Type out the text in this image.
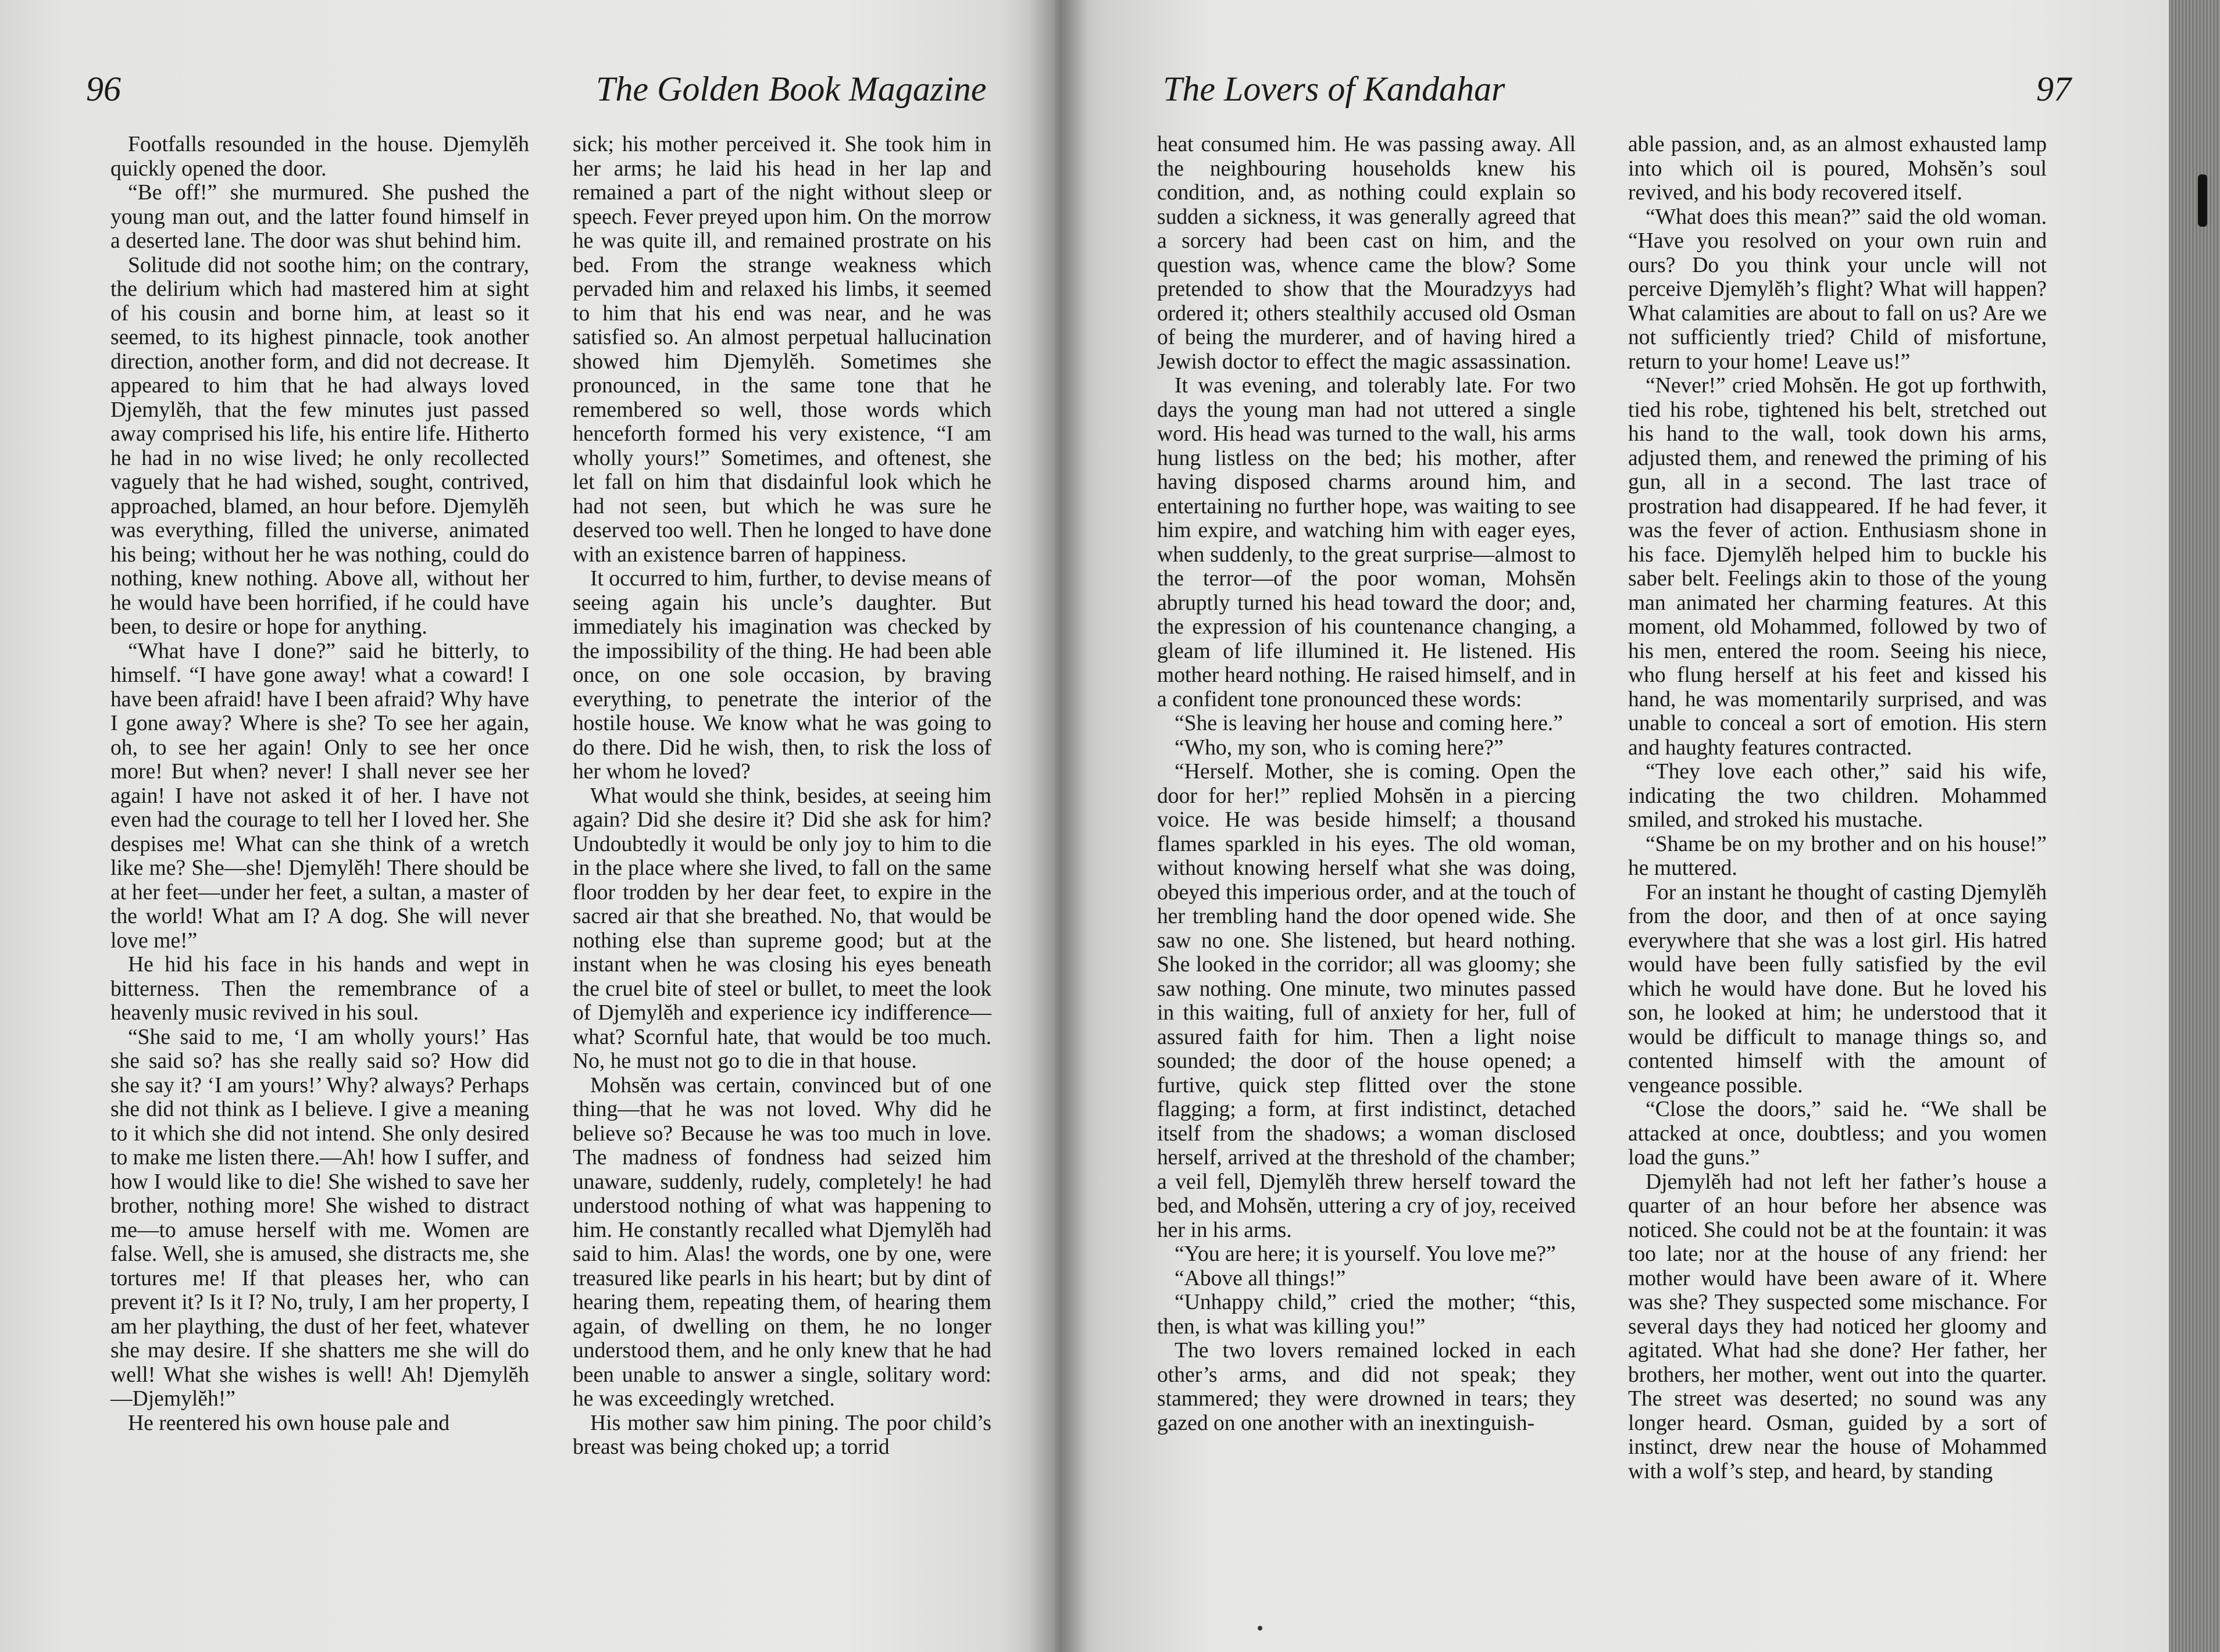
96	The Golden Book Magazine	The Lovers of Kandahar	97

Footfalls resounded in the house. Djemylĕh quickly opened the door.

“Be off!” she murmured. She pushed the young man out, and the latter found himself in a deserted lane. The door was shut behind him.

Solitude did not soothe him; on the contrary, the delirium which had mastered him at sight of his cousin and borne him, at least so it seemed, to its highest pinnacle, took another direction, another form, and did not decrease. It appeared to him that he had always loved Djemylĕh, that the few minutes just passed away comprised his life, his entire life. Hitherto he had in no wise lived; he only recollected vaguely that he had wished, sought, contrived, approached, blamed, an hour before. Djemylĕh was everything, filled the universe, animated his being; without her he was nothing, could do nothing, knew nothing. Above all, without her he would have been horrified, if he could have been, to desire or hope for anything.

“What have I done?” said he bitterly, to himself. “I have gone away! what a coward! I have been afraid! have I been afraid? Why have I gone away? Where is she? To see her again, oh, to see her again! Only to see her once more! But when? never! I shall never see her again! I have not asked it of her. I have not even had the courage to tell her I loved her. She despises me! What can she think of a wretch like me? She—she! Djemylĕh! There should be at her feet—under her feet, a sultan, a master of the world! What am I? A dog. She will never love me!”

He hid his face in his hands and wept in bitterness. Then the remembrance of a heavenly music revived in his soul.

“She said to me, ‘I am wholly yours!’ Has she said so? has she really said so? How did she say it? ‘I am yours!’ Why? always? Perhaps she did not think as I believe. I give a meaning to it which she did not intend. She only desired to make me listen there.—Ah! how I suffer, and how I would like to die! She wished to save her brother, nothing more! She wished to distract me—to amuse herself with me. Women are false. Well, she is amused, she distracts me, she tortures me! If that pleases her, who can prevent it? Is it I? No, truly, I am her property, I am her plaything, the dust of her feet, whatever she may desire. If she shatters me she will do well! What she wishes is well! Ah! Djemylĕh—Djemylĕh!”

He reentered his own house pale and

sick; his mother perceived it. She took him in her arms; he laid his head in her lap and remained a part of the night without sleep or speech. Fever preyed upon him. On the morrow he was quite ill, and remained prostrate on his bed. From the strange weakness which pervaded him and relaxed his limbs, it seemed to him that his end was near, and he was satisfied so. An almost perpetual hallucination showed him Djemylĕh. Sometimes she pronounced, in the same tone that he remembered so well, those words which henceforth formed his very existence, “I am wholly yours!” Sometimes, and oftenest, she let fall on him that disdainful look which he had not seen, but which he was sure he deserved too well. Then he longed to have done with an existence barren of happiness.

It occurred to him, further, to devise means of seeing again his uncle’s daughter. But immediately his imagination was checked by the impossibility of the thing. He had been able once, on one sole occasion, by braving everything, to penetrate the interior of the hostile house. We know what he was going to do there. Did he wish, then, to risk the loss of her whom he loved?

What would she think, besides, at seeing him again? Did she desire it? Did she ask for him? Undoubtedly it would be only joy to him to die in the place where she lived, to fall on the same floor trodden by her dear feet, to expire in the sacred air that she breathed. No, that would be nothing else than supreme good; but at the instant when he was closing his eyes beneath the cruel bite of steel or bullet, to meet the look of Djemylĕh and experience icy indifference—what? Scornful hate, that would be too much. No, he must not go to die in that house.

Mohsĕn was certain, convinced but of one thing—that he was not loved. Why did he believe so? Because he was too much in love. The madness of fondness had seized him unaware, suddenly, rudely, completely! he had understood nothing of what was happening to him. He constantly recalled what Djemylĕh had said to him. Alas! the words, one by one, were treasured like pearls in his heart; but by dint of hearing them, repeating them, of hearing them again, of dwelling on them, he no longer understood them, and he only knew that he had been unable to answer a single, solitary word: he was exceedingly wretched.

His mother saw him pining. The poor child’s breast was being choked up; a torrid

heat consumed him. He was passing away. All the neighbouring households knew his condition, and, as nothing could explain so sudden a sickness, it was generally agreed that a sorcery had been cast on him, and the question was, whence came the blow? Some pretended to show that the Mouradzyys had ordered it; others stealthily accused old Osman of being the murderer, and of having hired a Jewish doctor to effect the magic assassination.

It was evening, and tolerably late. For two days the young man had not uttered a single word. His head was turned to the wall, his arms hung listless on the bed; his mother, after having disposed charms around him, and entertaining no further hope, was waiting to see him expire, and watching him with eager eyes, when suddenly, to the great surprise—almost to the terror—of the poor woman, Mohsĕn abruptly turned his head toward the door; and, the expression of his countenance changing, a gleam of life illumined it. He listened. His mother heard nothing. He raised himself, and in a confident tone pronounced these words:

“She is leaving her house and coming here.”

“Who, my son, who is coming here?”

“Herself. Mother, she is coming. Open the door for her!” replied Mohsĕn in a piercing voice. He was beside himself; a thousand flames sparkled in his eyes. The old woman, without knowing herself what she was doing, obeyed this imperious order, and at the touch of her trembling hand the door opened wide. She saw no one. She listened, but heard nothing. She looked in the corridor; all was gloomy; she saw nothing. One minute, two minutes passed in this waiting, full of anxiety for her, full of assured faith for him. Then a light noise sounded; the door of the house opened; a furtive, quick step flitted over the stone flagging; a form, at first indistinct, detached itself from the shadows; a woman disclosed herself, arrived at the threshold of the chamber; a veil fell, Djemylĕh threw herself toward the bed, and Mohsĕn, uttering a cry of joy, received her in his arms.

“You are here; it is yourself. You love me?”

“Above all things!”

“Unhappy child,” cried the mother; “this, then, is what was killing you!”

The two lovers remained locked in each other’s arms, and did not speak; they stammered; they were drowned in tears; they gazed on one another with an inextinguish-

able passion, and, as an almost exhausted lamp into which oil is poured, Mohsĕn’s soul revived, and his body recovered itself.

“What does this mean?” said the old woman. “Have you resolved on your own ruin and ours? Do you think your uncle will not perceive Djemylĕh’s flight? What will happen? What calamities are about to fall on us? Are we not sufficiently tried? Child of misfortune, return to your home! Leave us!”

“Never!” cried Mohsĕn. He got up forthwith, tied his robe, tightened his belt, stretched out his hand to the wall, took down his arms, adjusted them, and renewed the priming of his gun, all in a second. The last trace of prostration had disappeared. If he had fever, it was the fever of action. Enthusiasm shone in his face. Djemylĕh helped him to buckle his saber belt. Feelings akin to those of the young man animated her charming features. At this moment, old Mohammed, followed by two of his men, entered the room. Seeing his niece, who flung herself at his feet and kissed his hand, he was momentarily surprised, and was unable to conceal a sort of emotion. His stern and haughty features contracted.

“They love each other,” said his wife, indicating the two children. Mohammed smiled, and stroked his mustache.

“Shame be on my brother and on his house!” he muttered.

For an instant he thought of casting Djemylĕh from the door, and then of at once saying everywhere that she was a lost girl. His hatred would have been fully satisfied by the evil which he would have done. But he loved his son, he looked at him; he understood that it would be difficult to manage things so, and contented himself with the amount of vengeance possible.

“Close the doors,” said he. “We shall be attacked at once, doubtless; and you women load the guns.”

Djemylĕh had not left her father’s house a quarter of an hour before her absence was noticed. She could not be at the fountain: it was too late; nor at the house of any friend: her mother would have been aware of it. Where was she? They suspected some mischance. For several days they had noticed her gloomy and agitated. What had she done? Her father, her brothers, her mother, went out into the quarter. The street was deserted; no sound was any longer heard. Osman, guided by a sort of instinct, drew near the house of Mohammed with a wolf’s step, and heard, by standing
